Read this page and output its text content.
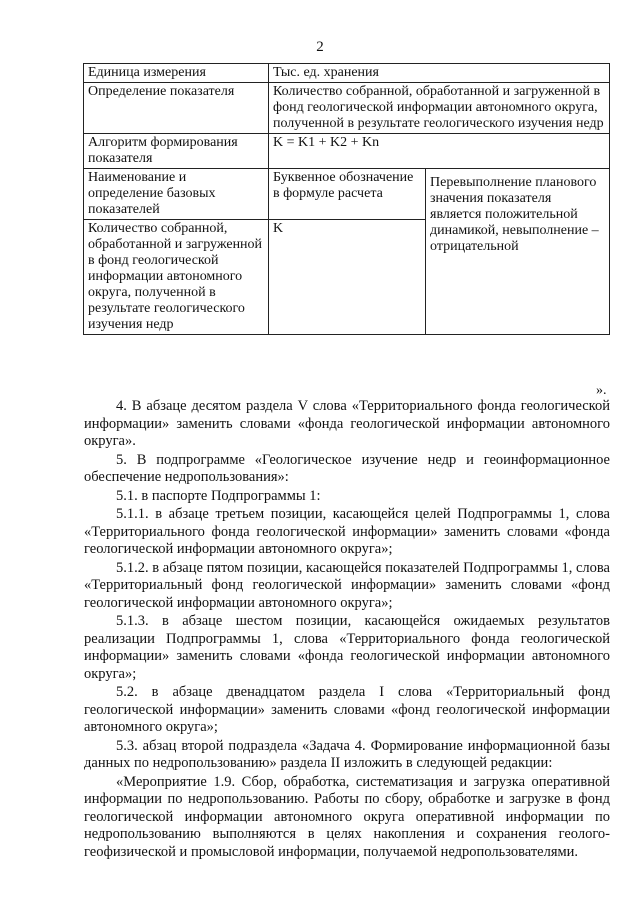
2
Единица измерения	Тыс. ед. хранения	
Определение показателя	Количество собранной, обработанной и загруженной в фонд геологической информации автономного округа, полученной в результате геологического изучения недр	
Алгоритм формирования показателя	K = K1 + K2 + Kn	
Наименование и определение базовых показателей	Буквенное обозначение в формуле расчета	Перевыполнение планового значения показателя является положительной динамикой, невыполнение – отрицательной
Количество собранной, обработанной и загруженной в фонд геологической информации автономного округа, полученной в результате геологического изучения недр	K	
».

4. В абзаце десятом раздела V слова «Территориального фонда геологической информации» заменить словами «фонда геологической информации автономного округа».

5. В подпрограмме «Геологическое изучение недр и геоинформационное обеспечение недропользования»:

5.1. в паспорте Подпрограммы 1:

5.1.1. в абзаце третьем позиции, касающейся целей Подпрограммы 1, слова «Территориального фонда геологической информации» заменить словами «фонда геологической информации автономного округа»;

5.1.2. в абзаце пятом позиции, касающейся показателей Подпрограммы 1, слова «Территориальный фонд геологической информации» заменить словами «фонд геологической информации автономного округа»;

5.1.3. в абзаце шестом позиции, касающейся ожидаемых результатов реализации Подпрограммы 1, слова «Территориального фонда геологической информации» заменить словами «фонда геологической информации автономного округа»;

5.2. в абзаце двенадцатом раздела I слова «Территориальный фонд геологической информации» заменить словами «фонд геологической информации автономного округа»;

5.3. абзац второй подраздела «Задача 4. Формирование информационной базы данных по недропользованию» раздела II изложить в следующей редакции:

«Мероприятие 1.9. Сбор, обработка, систематизация и загрузка оперативной информации по недропользованию. Работы по сбору, обработке и загрузке в фонд геологической информации автономного округа оперативной информации по недропользованию выполняются в целях накопления и сохранения геолого-геофизической и промысловой информации, получаемой недропользователями.
